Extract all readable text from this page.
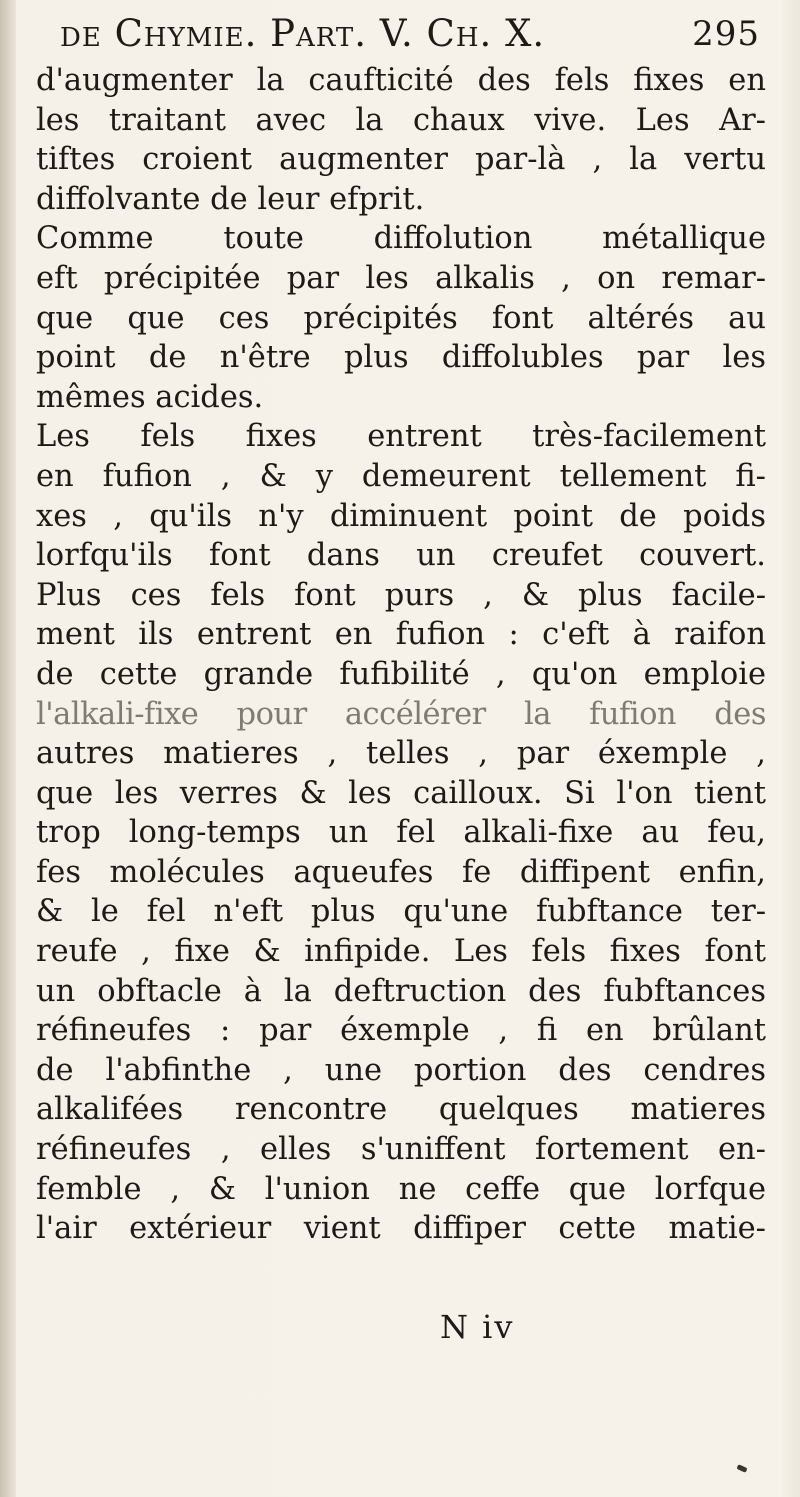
de Chymie. Part. V. Ch. X.	295
d'augmenter la caufticité des fels fixes en
les traitant avec la chaux vive. Les Ar-
tiftes croient augmenter par-là , la vertu
diffolvante de leur efprit.
Comme toute diffolution métallique
eft précipitée par les alkalis , on remar-
que que ces précipités font altérés au
point de n'être plus diffolubles par les
mêmes acides.
Les fels fixes entrent très-facilement
en fufion , & y demeurent tellement fi-
xes , qu'ils n'y diminuent point de poids
lorfqu'ils font dans un creufet couvert.
Plus ces fels font purs , & plus facile-
ment ils entrent en fufion : c'eft à raifon
de cette grande fufibilité , qu'on emploie
l'alkali-fixe pour accélérer la fufion des
autres matieres , telles , par éxemple ,
que les verres & les cailloux. Si l'on tient
trop long-temps un fel alkali-fixe au feu,
fes molécules aqueufes fe diffipent enfin,
& le fel n'eft plus qu'une fubftance ter-
reufe , fixe & infipide. Les fels fixes font
un obftacle à la deftruction des fubftances
réfineufes : par éxemple , fi en brûlant
de l'abfinthe , une portion des cendres
alkalifées rencontre quelques matieres
réfineufes , elles s'uniffent fortement en-
femble , & l'union ne ceffe que lorfque
l'air extérieur vient diffiper cette matie-
N iv
